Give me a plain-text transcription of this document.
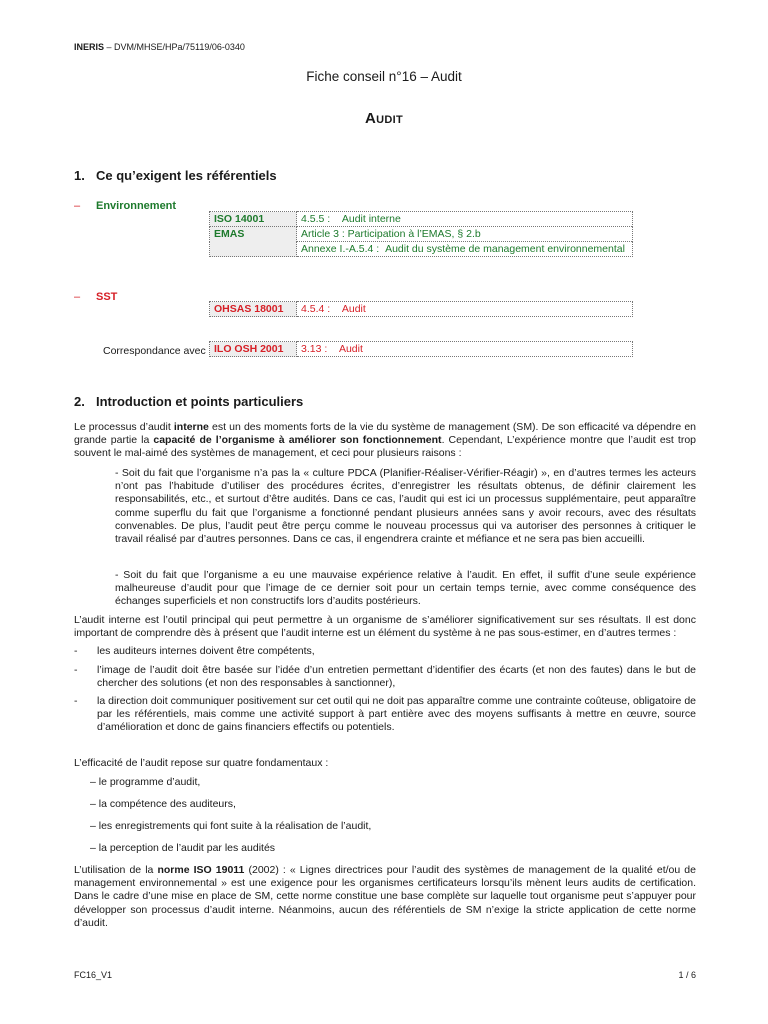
INERIS – DVM/MHSE/HPa/75119/06-0340
Fiche conseil n°16 – Audit
Audit
1. Ce qu’exigent les référentiels
– Environnement
ISO 14001	4.5.5 : Audit interne
EMAS	Article 3 : Participation à l’EMAS, § 2.b
	Annexe I.-A.5.4 : Audit du système de management environnemental
– SST
OHSAS 18001	4.5.4 : Audit
Correspondance avec ILO OSH 2001	3.13 : Audit
2. Introduction et points particuliers
Le processus d’audit interne est un des moments forts de la vie du système de management (SM). De son efficacité va dépendre en grande partie la capacité de l’organisme à améliorer son fonctionnement. Cependant, L’expérience montre que l’audit est trop souvent le mal-aimé des systèmes de management, et ceci pour plusieurs raisons :
- Soit du fait que l’organisme n’a pas la « culture PDCA (Planifier-Réaliser-Vérifier-Réagir) », en d’autres termes les acteurs n’ont pas l’habitude d’utiliser des procédures écrites, d’enregistrer les résultats obtenus, de définir clairement les responsabilités, etc., et surtout d’être audités. Dans ce cas, l’audit qui est ici un processus supplémentaire, peut apparaître comme superflu du fait que l’organisme a fonctionné pendant plusieurs années sans y avoir recours, avec des résultats convenables. De plus, l’audit peut être perçu comme le nouveau processus qui va autoriser des personnes à critiquer le travail réalisé par d’autres personnes. Dans ce cas, il engendrera crainte et méfiance et ne sera pas bien accueilli.
- Soit du fait que l’organisme a eu une mauvaise expérience relative à l’audit. En effet, il suffit d’une seule expérience malheureuse d’audit pour que l’image de ce dernier soit pour un certain temps ternie, avec comme conséquence des échanges superficiels et non constructifs lors d’audits postérieurs.
L’audit interne est l’outil principal qui peut permettre à un organisme de s’améliorer significativement sur ses résultats. Il est donc important de comprendre dès à présent que l’audit interne est un élément du système à ne pas sous-estimer, en d’autres termes :
- les auditeurs internes doivent être compétents,
- l’image de l’audit doit être basée sur l’idée d’un entretien permettant d’identifier des écarts (et non des fautes) dans le but de chercher des solutions (et non des responsables à sanctionner),
- la direction doit communiquer positivement sur cet outil qui ne doit pas apparaître comme une contrainte coûteuse, obligatoire de par les référentiels, mais comme une activité support à part entière avec des moyens suffisants à mettre en œuvre, source d’amélioration et donc de gains financiers effectifs ou potentiels.
L’efficacité de l’audit repose sur quatre fondamentaux :
– le programme d’audit,
– la compétence des auditeurs,
– les enregistrements qui font suite à la réalisation de l’audit,
– la perception de l’audit par les audités
L’utilisation de la norme ISO 19011 (2002) : « Lignes directrices pour l’audit des systèmes de management de la qualité et/ou de management environnemental » est une exigence pour les organismes certificateurs lorsqu’ils mènent leurs audits de certification. Dans le cadre d’une mise en place de SM, cette norme constitue une base complète sur laquelle tout organisme peut s’appuyer pour développer son processus d’audit interne. Néanmoins, aucun des référentiels de SM n’exige la stricte application de cette norme d’audit.
FC16_V1	1 / 6
